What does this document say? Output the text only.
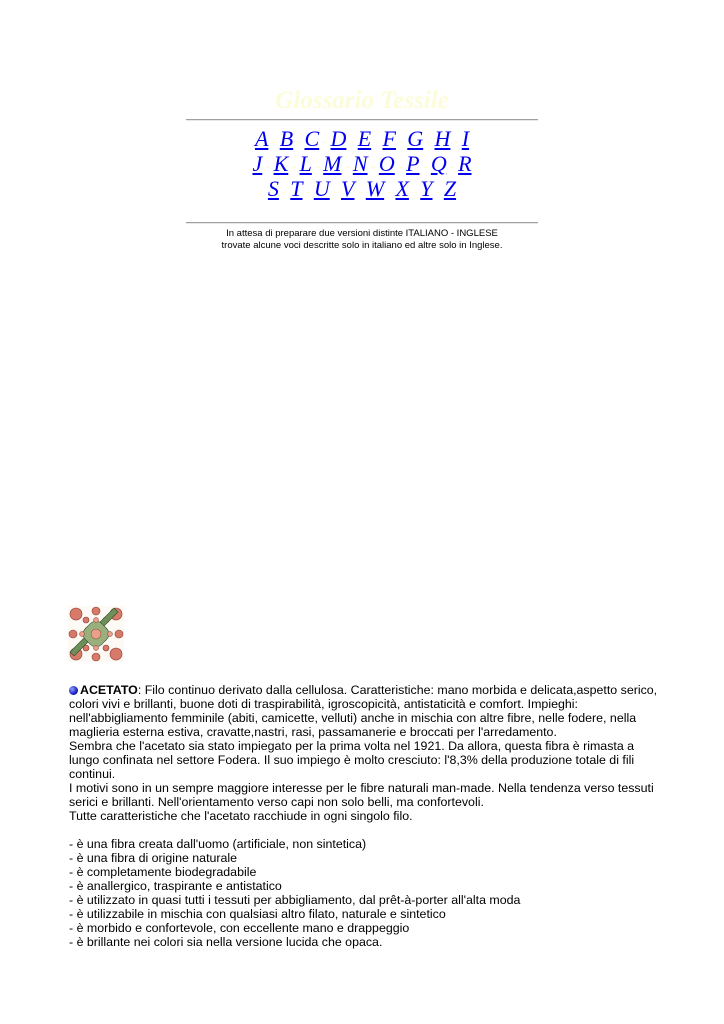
Glossario Tessile
A - B - C - D - E - F - G - H - I
J - K - L - M - N - O - P - Q - R
S - T - U - V - W - X - Y - Z
In attesa di preparare due versioni distinte ITALIANO - INGLESE
trovate alcune voci descritte solo in italiano ed altre solo in Inglese.

ACETATO: Filo continuo derivato dalla cellulosa. Caratteristiche: mano morbida e delicata,aspetto serico, colori vivi e brillanti, buone doti di traspirabilità, igroscopicità, antistaticità e comfort. Impieghi: nell'abbigliamento femminile (abiti, camicette, velluti) anche in mischia con altre fibre, nelle fodere, nella maglieria esterna estiva, cravatte,nastri, rasi, passamanerie e broccati per l'arredamento.

Sembra che l'acetato sia stato impiegato per la prima volta nel 1921. Da allora, questa fibra è rimasta a lungo confinata nel settore Fodera. Il suo impiego è molto cresciuto: l'8,3% della produzione totale di fili continui.

I motivi sono in un sempre maggiore interesse per le fibre naturali man-made. Nella tendenza verso tessuti serici e brillanti. Nell'orientamento verso capi non solo belli, ma confortevoli.

Tutte caratteristiche che l'acetato racchiude in ogni singolo filo.

- è una fibra creata dall'uomo (artificiale, non sintetica)

- è una fibra di origine naturale

- è completamente biodegradabile

- è anallergico, traspirante e antistatico

- è utilizzato in quasi tutti i tessuti per abbigliamento, dal prêt-à-porter all'alta moda

- è utilizzabile in mischia con qualsiasi altro filato, naturale e sintetico

- è morbido e confortevole, con eccellente mano e drappeggio

- è brillante nei colori sia nella versione lucida che opaca.
